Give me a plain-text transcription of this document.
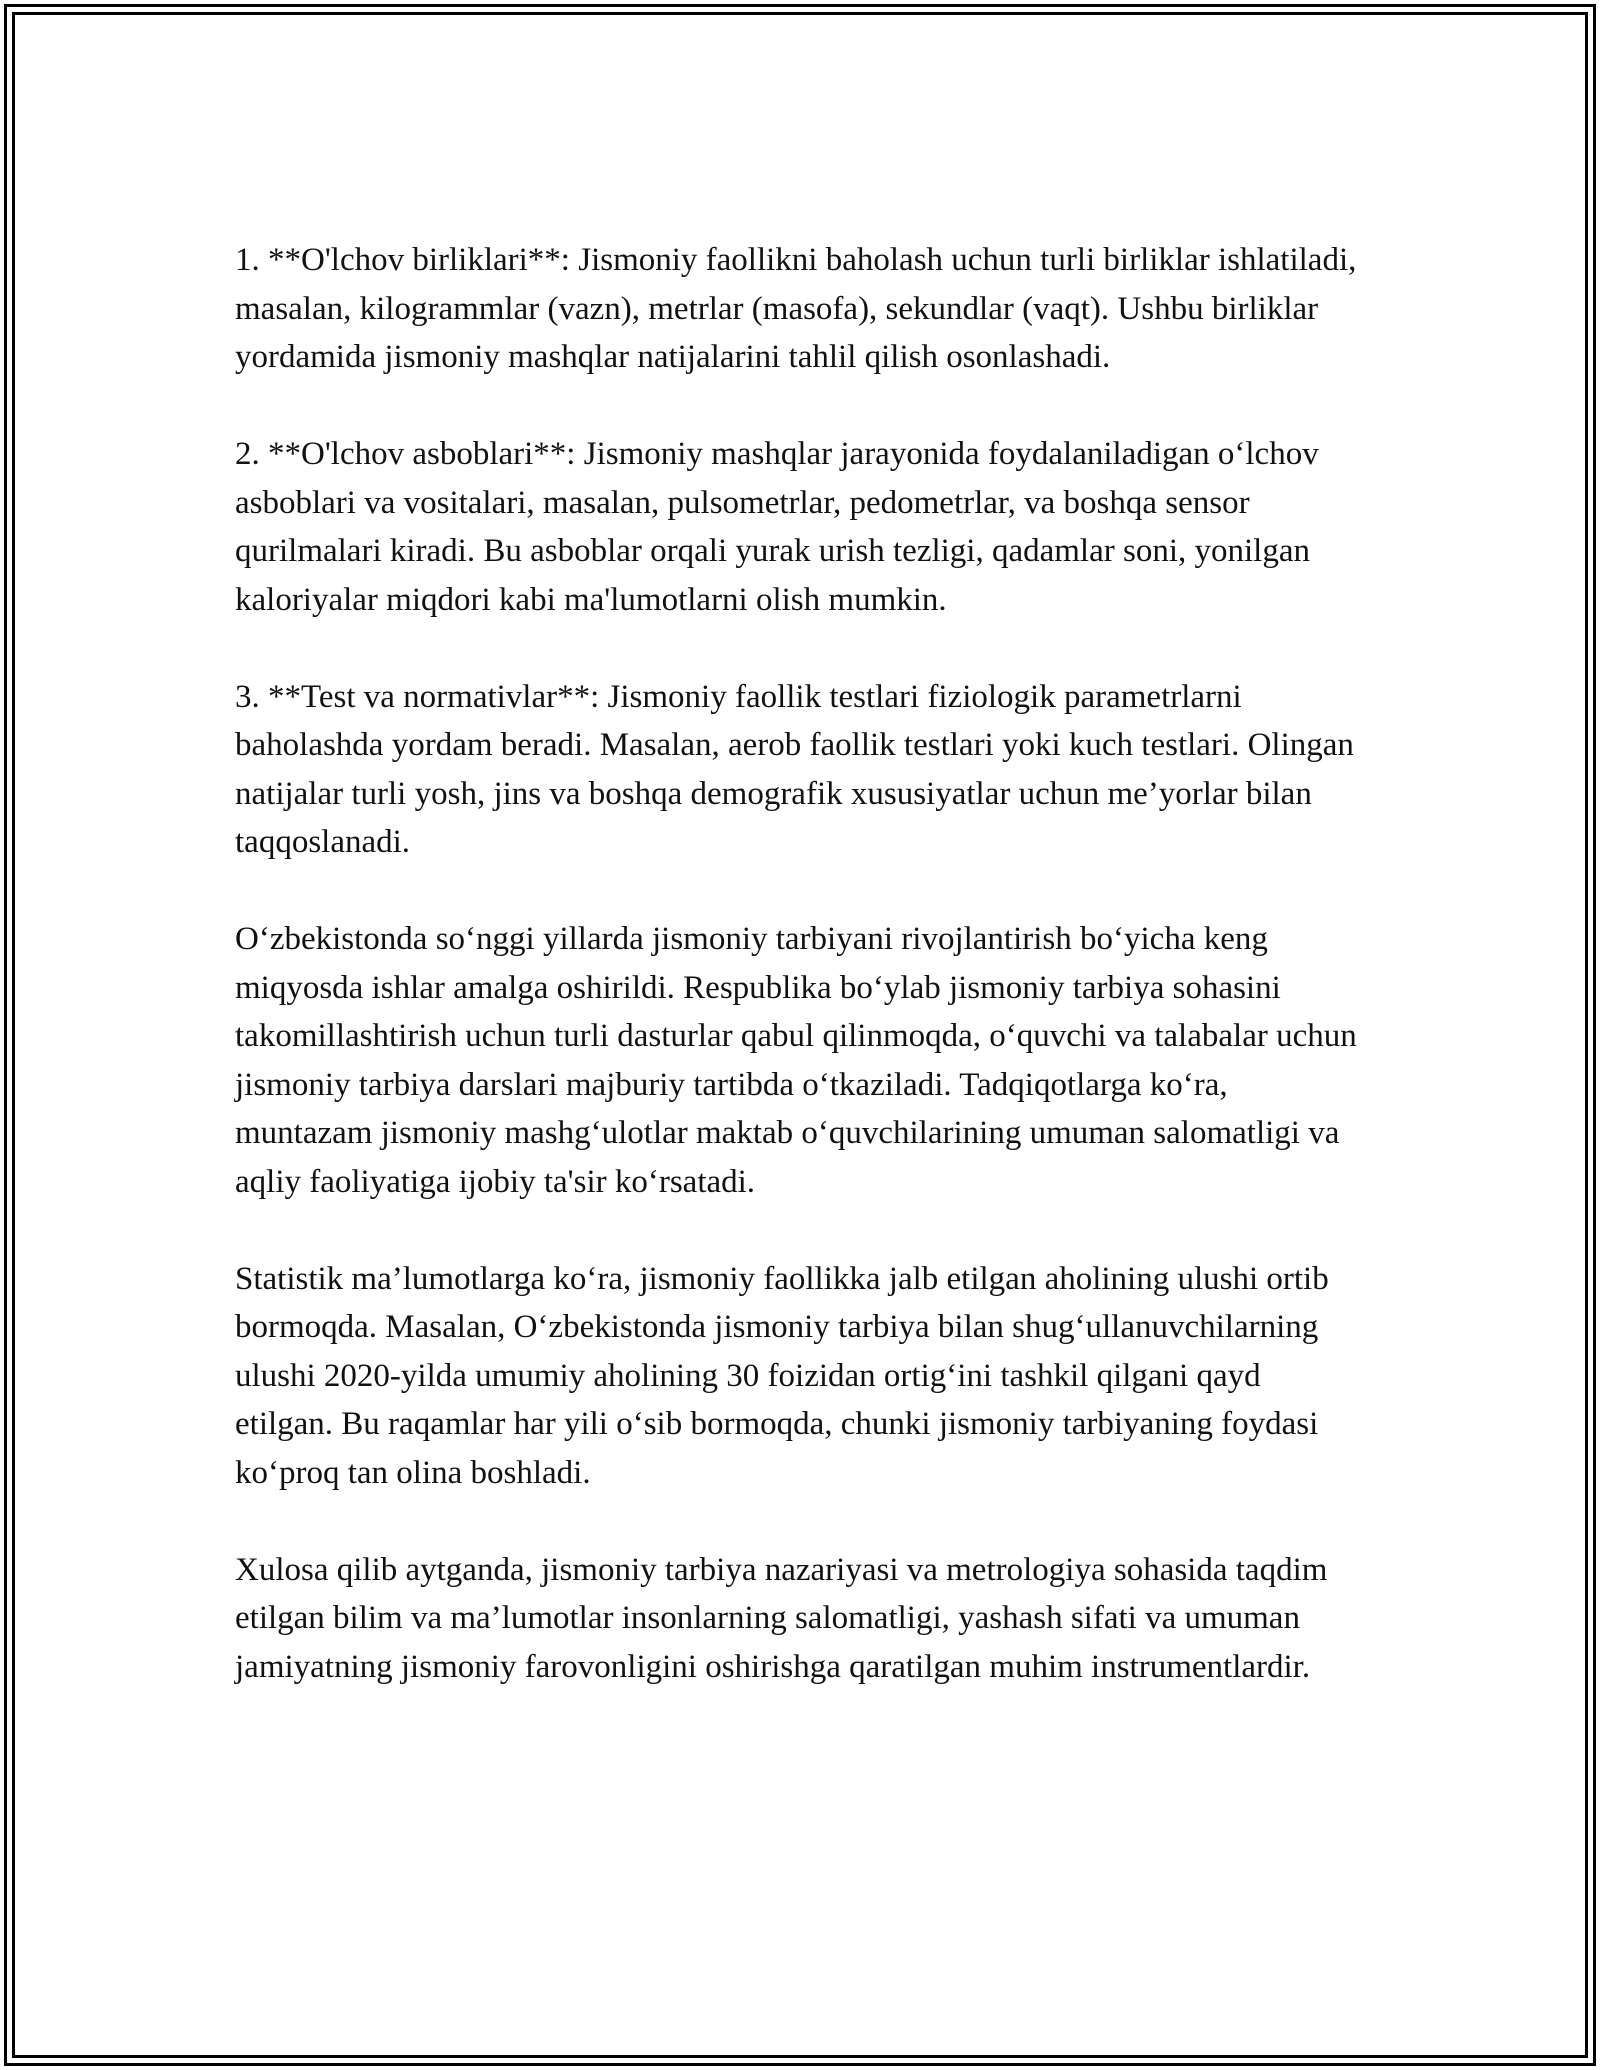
1. **O'lchov birliklari**: Jismoniy faollikni baholash uchun turli birliklar ishlatiladi, masalan, kilogrammlar (vazn), metrlar (masofa), sekundlar (vaqt). Ushbu birliklar yordamida jismoniy mashqlar natijalarini tahlil qilish osonlashadi.

2. **O'lchov asboblari**: Jismoniy mashqlar jarayonida foydalaniladigan o‘lchov asboblari va vositalari, masalan, pulsometrlar, pedometrlar, va boshqa sensor qurilmalari kiradi. Bu asboblar orqali yurak urish tezligi, qadamlar soni, yonilgan kaloriyalar miqdori kabi ma'lumotlarni olish mumkin.

3. **Test va normativlar**: Jismoniy faollik testlari fiziologik parametrlarni baholashda yordam beradi. Masalan, aerob faollik testlari yoki kuch testlari. Olingan natijalar turli yosh, jins va boshqa demografik xususiyatlar uchun me’yorlar bilan taqqoslanadi.

O‘zbekistonda so‘nggi yillarda jismoniy tarbiyani rivojlantirish bo‘yicha keng miqyosda ishlar amalga oshirildi. Respublika bo‘ylab jismoniy tarbiya sohasini takomillashtirish uchun turli dasturlar qabul qilinmoqda, o‘quvchi va talabalar uchun jismoniy tarbiya darslari majburiy tartibda o‘tkaziladi. Tadqiqotlarga ko‘ra, muntazam jismoniy mashg‘ulotlar maktab o‘quvchilarining umuman salomatligi va aqliy faoliyatiga ijobiy ta'sir ko‘rsatadi.

Statistik ma’lumotlarga ko‘ra, jismoniy faollikka jalb etilgan aholining ulushi ortib bormoqda. Masalan, O‘zbekistonda jismoniy tarbiya bilan shug‘ullanuvchilarning ulushi 2020-yilda umumiy aholining 30 foizidan ortig‘ini tashkil qilgani qayd etilgan. Bu raqamlar har yili o‘sib bormoqda, chunki jismoniy tarbiyaning foydasi ko‘proq tan olina boshladi.

Xulosa qilib aytganda, jismoniy tarbiya nazariyasi va metrologiya sohasida taqdim etilgan bilim va ma’lumotlar insonlarning salomatligi, yashash sifati va umuman jamiyatning jismoniy farovonligini oshirishga qaratilgan muhim instrumentlardir.
